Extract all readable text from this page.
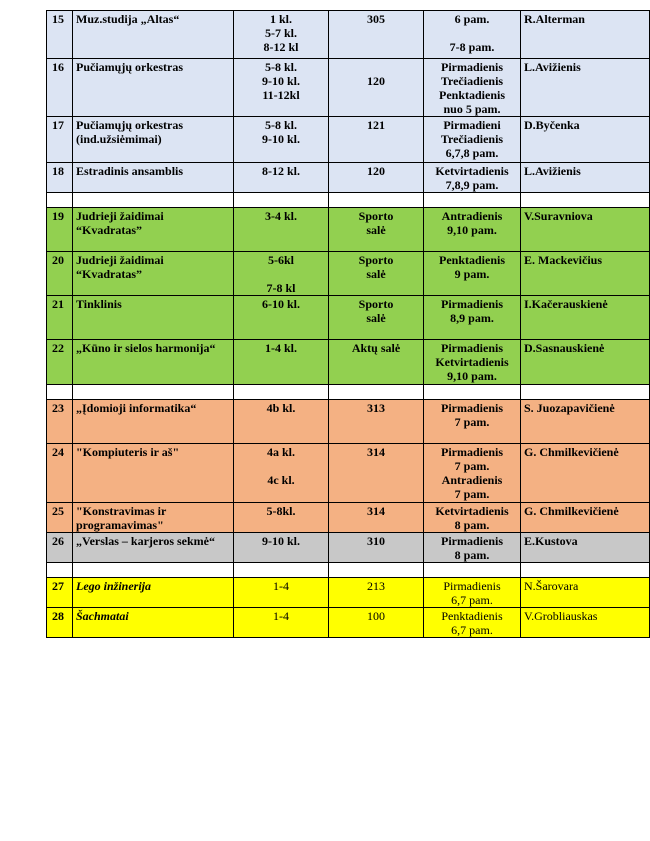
15	Muz.studija „Altas“	1 kl.
5-7 kl.
8-12 kl	305	6 pam.
7-8 pam.	R.Alterman

16	Pučiamųjų orkestras	5-8 kl.
9-10 kl.
11-12kl	120	Pirmadienis
Trečiadienis
Penktadienis
nuo 5 pam.	L.Avižienis

17	Pučiamųjų orkestras
(ind.užsiėmimai)	5-8 kl.
9-10 kl.	121	Pirmadieni
Trečiadienis
6,7,8 pam.	D.Byčenka

18	Estradinis ansamblis	8-12 kl.	120	Ketvirtadienis
7,8,9 pam.	L.Avižienis

19	Judrieji žaidimai
“Kvadratas”	3-4 kl.	Sporto
salė	Antradienis
9,10 pam.	V.Suravniova

20	Judrieji žaidimai
“Kvadratas”	5-6kl
7-8 kl	Sporto
salė	Penktadienis
9 pam.	E. Mackevičius

21	Tinklinis	6-10 kl.	Sporto
salė	Pirmadienis
8,9 pam.	I.Kačerauskienė

22	„Kūno ir sielos harmonija“	1-4 kl.	Aktų salė	Pirmadienis
Ketvirtadienis
9,10 pam.	D.Sasnauskienė

23	„Įdomioji informatika“	4b kl.	313	Pirmadienis
7 pam.	S. Juozapavičienė

24	"Kompiuteris ir aš"	4a kl.
4c kl.	314	Pirmadienis
7 pam.
Antradienis
7 pam.	G. Chmilkevičienė

25	"Konstravimas ir
programavimas"	5-8kl.	314	Ketvirtadienis
8 pam.	G. Chmilkevičienė

26	„Verslas – karjeros sekmė“	9-10 kl.	310	Pirmadienis
8 pam.	E.Kustova

27	Lego inžinerija	1-4	213	Pirmadienis
6,7 pam.	N.Šarovara

28	Šachmatai	1-4	100	Penktadienis
6,7 pam.	V.Grobliauskas
